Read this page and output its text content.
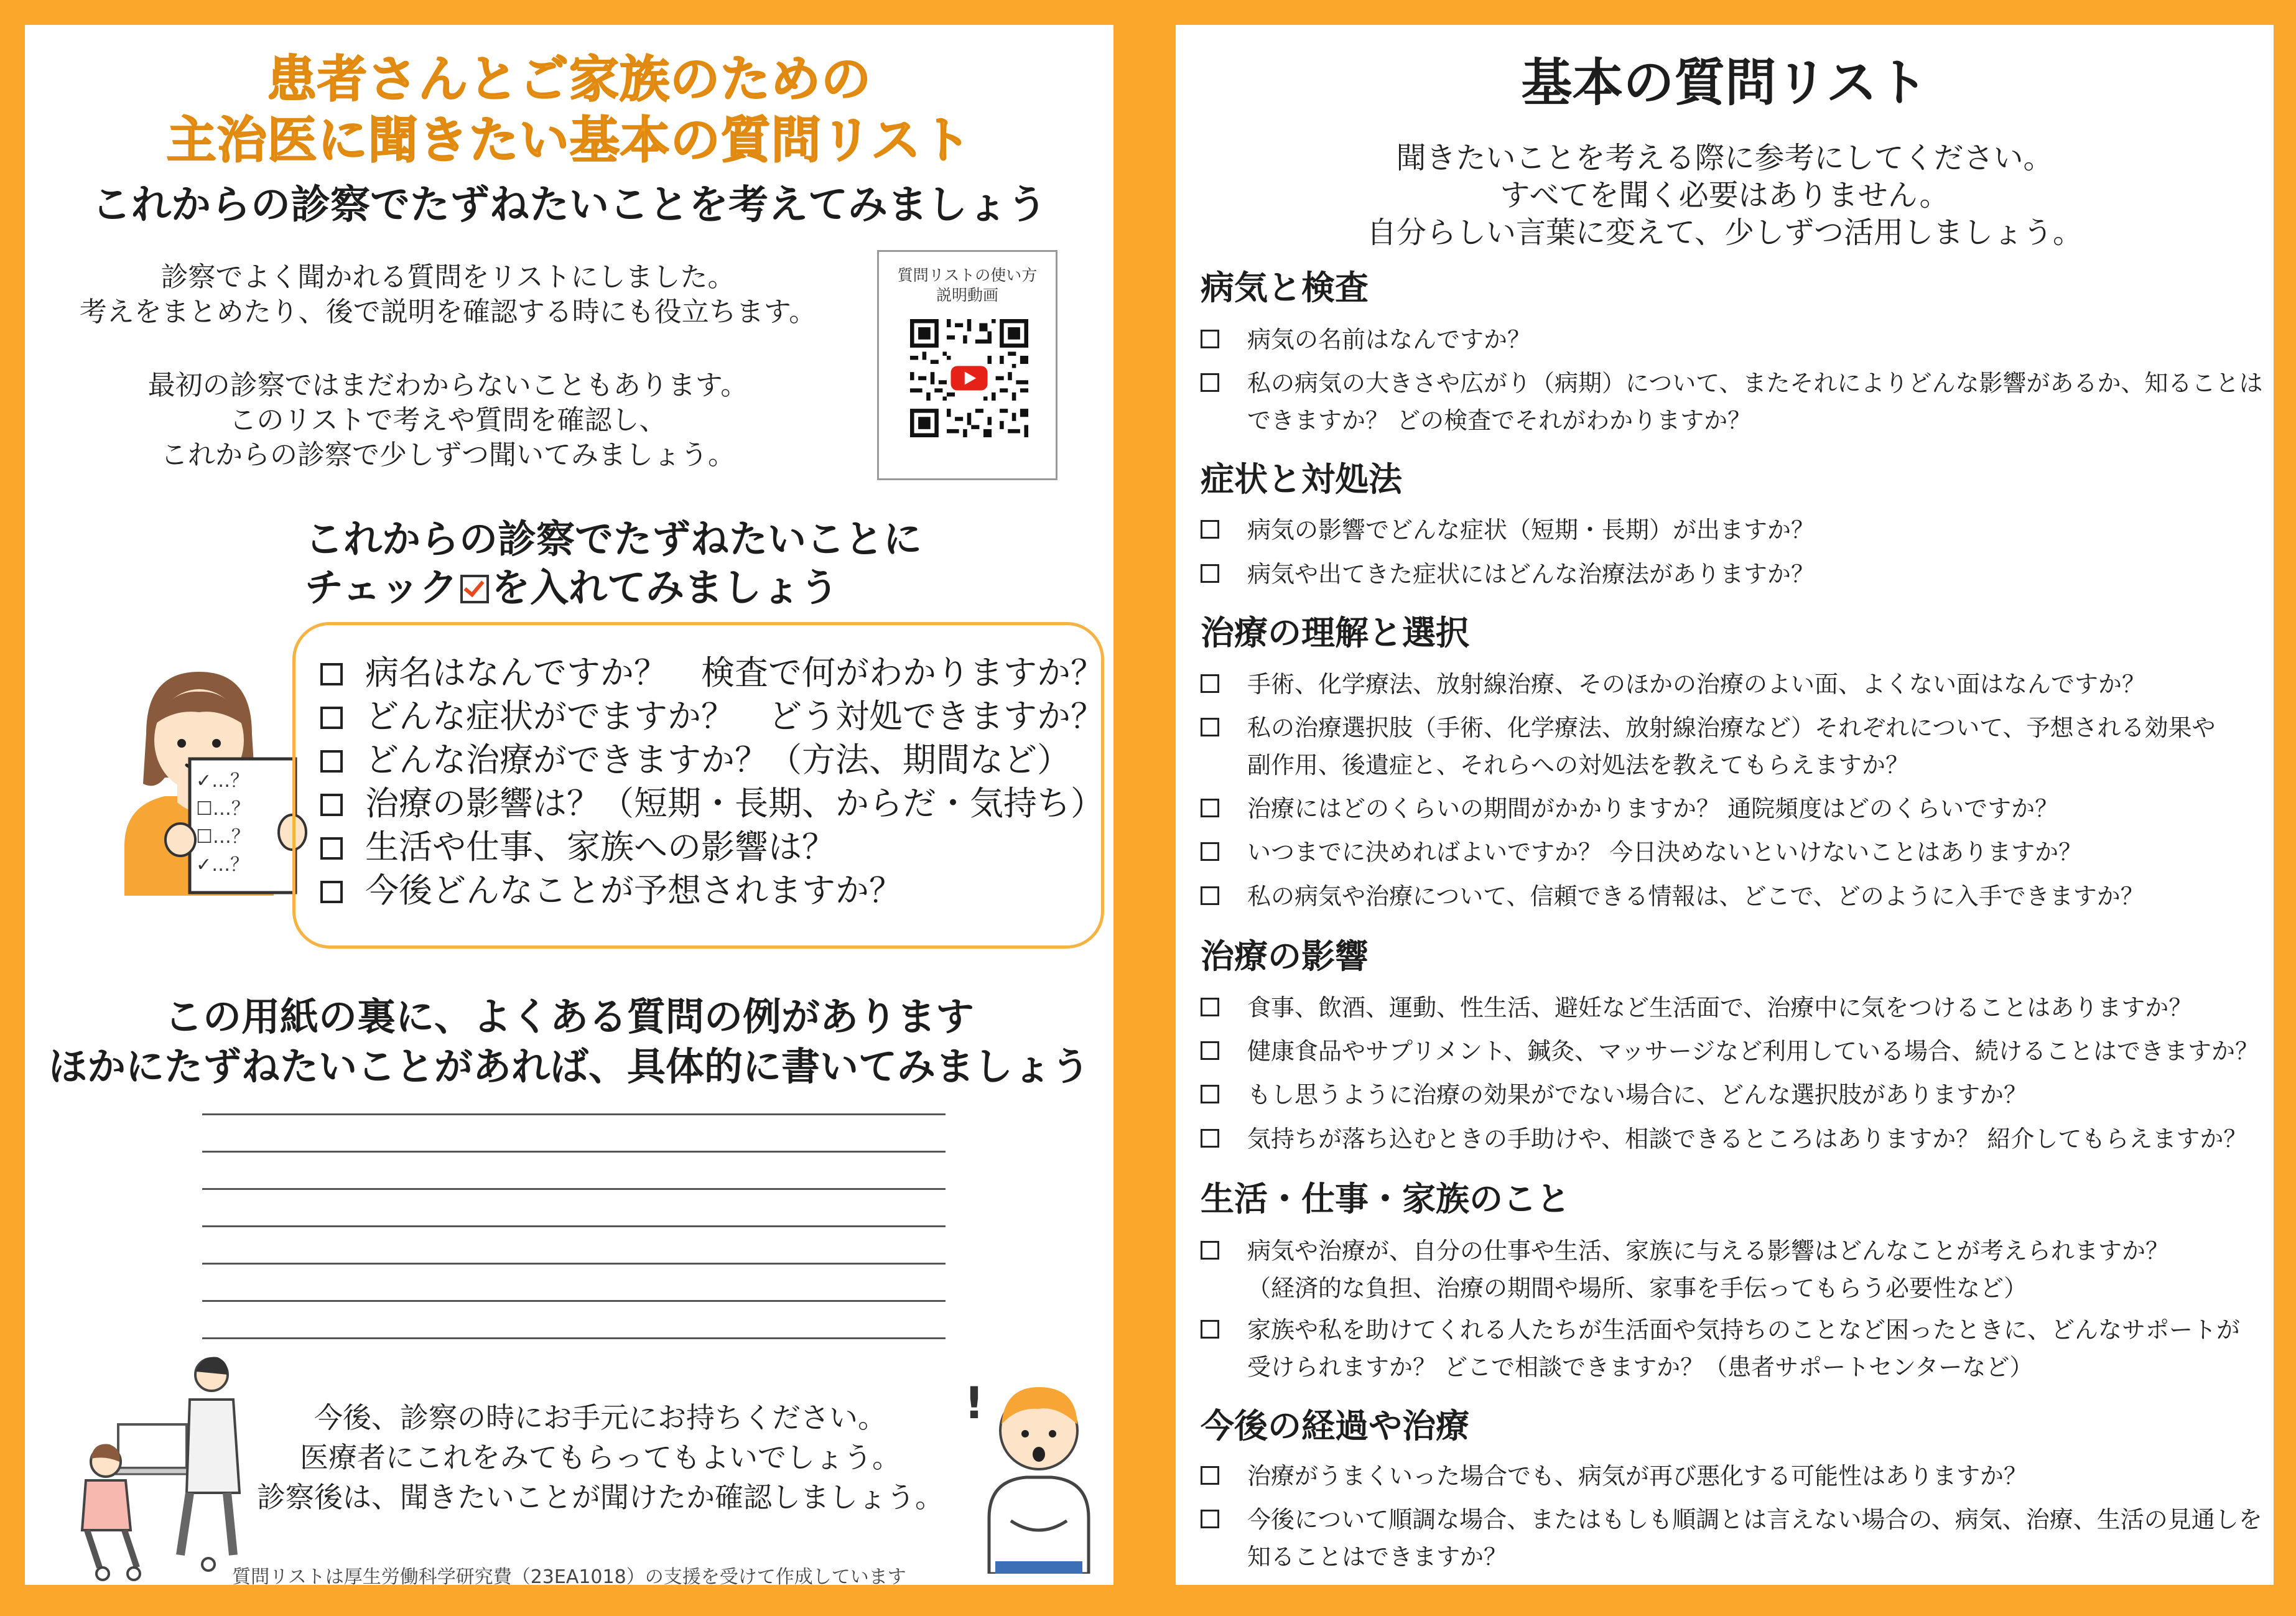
患者さんとご家族のための
主治医に聞きたい基本の質問リスト
これからの診察でたずねたいことを考えてみましょう
診察でよく聞かれる質問をリストにしました。
考えをまとめたり、後で説明を確認する時にも役立ちます。
最初の診察ではまだわからないこともあります。
このリストで考えや質問を確認し、
これからの診察で少しずつ聞いてみましょう。
質問リストの使い方
説明動画
これからの診察でたずねたいことに
チェック を入れてみましょう
✓…？
☐…？
☐…？
✓…？
病名はなんですか？　検査で何がわかりますか？
どんな症状がでますか？　どう対処できますか？
どんな治療ができますか？（方法、期間など）
治療の影響は？（短期・長期、からだ・気持ち）
生活や仕事、家族への影響は？
今後どんなことが予想されますか？
この用紙の裏に、よくある質問の例があります
ほかにたずねたいことがあれば、具体的に書いてみましょう
今後、診察の時にお手元にお持ちください。
医療者にこれをみてもらってもよいでしょう。
診察後は、聞きたいことが聞けたか確認しましょう。
!
質問リストは厚生労働科学研究費（23EA1018）の支援を受けて作成しています
基本の質問リスト
聞きたいことを考える際に参考にしてください。
すべてを聞く必要はありません。
自分らしい言葉に変えて、少しずつ活用しましょう。
病気と検査
病気の名前はなんですか？
私の病気の大きさや広がり（病期）について、またそれによりどんな影響があるか、知ることは
できますか？ どの検査でそれがわかりますか？
症状と対処法
病気の影響でどんな症状（短期・長期）が出ますか？
病気や出てきた症状にはどんな治療法がありますか？
治療の理解と選択
手術、化学療法、放射線治療、そのほかの治療のよい面、よくない面はなんですか？
私の治療選択肢（手術、化学療法、放射線治療など）それぞれについて、予想される効果や
副作用、後遺症と、それらへの対処法を教えてもらえますか？
治療にはどのくらいの期間がかかりますか？ 通院頻度はどのくらいですか？
いつまでに決めればよいですか？ 今日決めないといけないことはありますか？
私の病気や治療について、信頼できる情報は、どこで、どのように入手できますか？
治療の影響
食事、飲酒、運動、性生活、避妊など生活面で、治療中に気をつけることはありますか？
健康食品やサプリメント、鍼灸、マッサージなど利用している場合、続けることはできますか？
もし思うように治療の効果がでない場合に、どんな選択肢がありますか？
気持ちが落ち込むときの手助けや、相談できるところはありますか？ 紹介してもらえますか？
生活・仕事・家族のこと
病気や治療が、自分の仕事や生活、家族に与える影響はどんなことが考えられますか？
（経済的な負担、治療の期間や場所、家事を手伝ってもらう必要性など）
家族や私を助けてくれる人たちが生活面や気持ちのことなど困ったときに、どんなサポートが
受けられますか？ どこで相談できますか？（患者サポートセンターなど）
今後の経過や治療
治療がうまくいった場合でも、病気が再び悪化する可能性はありますか？
今後について順調な場合、またはもしも順調とは言えない場合の、病気、治療、生活の見通しを
知ることはできますか？
